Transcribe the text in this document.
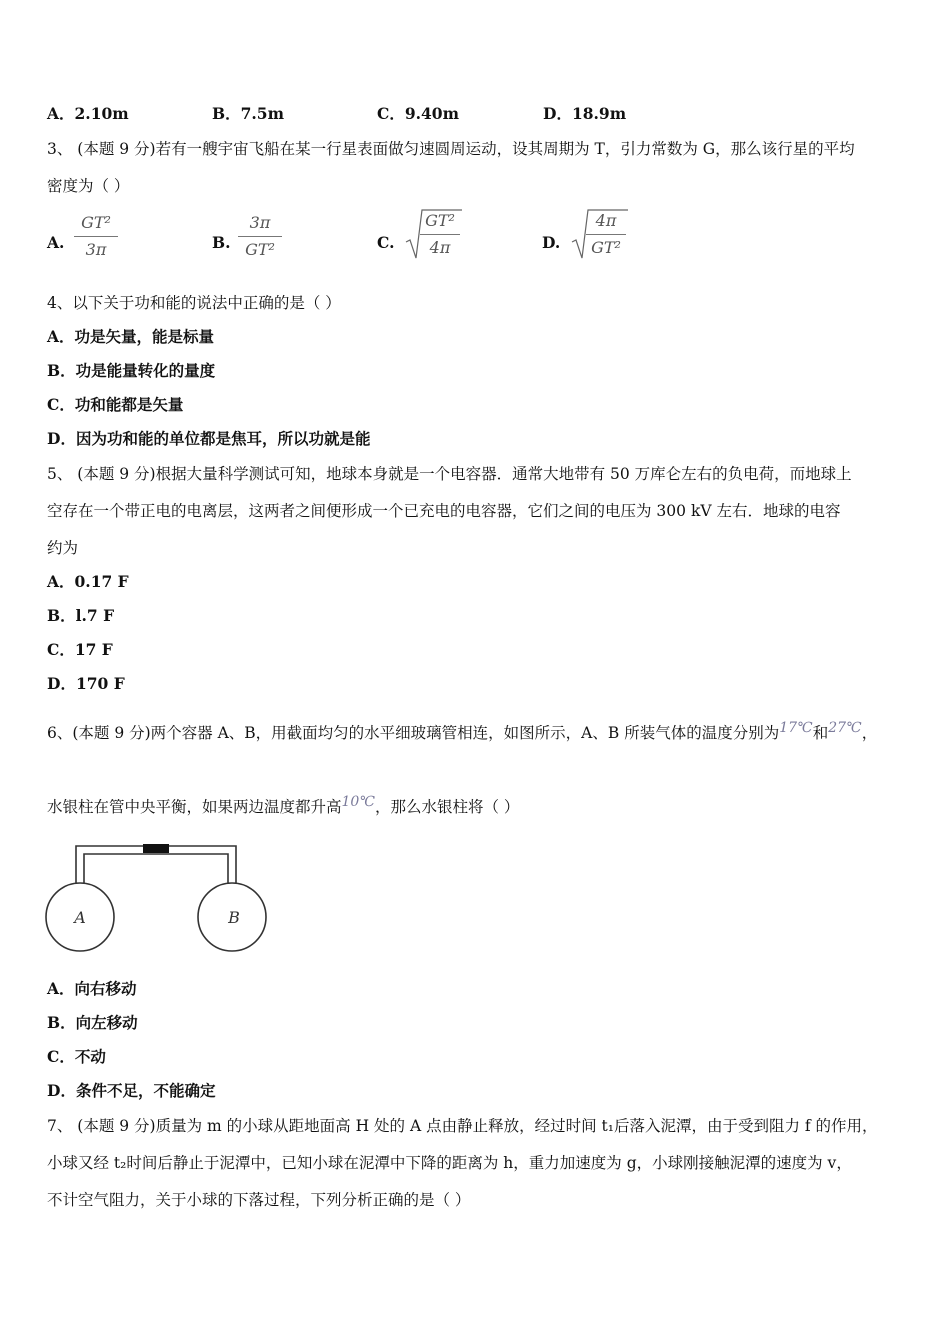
A．2.10m	B．7.5m	C．9.40m	D．18.9m
3、 (本题 9 分)若有一艘宇宙飞船在某一行星表面做匀速圆周运动，设其周期为 T，引力常数为 G，那么该行星的平均
密度为（ ）
A.
GT²
3π	B.
3π
GT²	C.
GT²
4π	D.
4π
GT²
4、以下关于功和能的说法中正确的是（ ）
A．功是矢量，能是标量
B．功是能量转化的量度
C．功和能都是矢量
D．因为功和能的单位都是焦耳，所以功就是能
5、 (本题 9 分)根据大量科学测试可知，地球本身就是一个电容器．通常大地带有 50 万库仑左右的负电荷，而地球上
空存在一个带正电的电离层，这两者之间便形成一个已充电的电容器，它们之间的电压为 300 kV 左右．地球的电容
约为
A．0.17 F
B．l.7 F
C．17 F
D．170 F
6、(本题 9 分)两个容器 A、B，用截面均匀的水平细玻璃管相连，如图所示，A、B 所装气体的温度分别为$^{17℃}$和$^{27℃}$，
水银柱在管中央平衡，如果两边温度都升高$^{10℃}$，那么水银柱将（ ）
A	B
A．向右移动
B．向左移动
C．不动
D．条件不足，不能确定
7、 (本题 9 分)质量为 m 的小球从距地面高 H 处的 A 点由静止释放，经过时间 t₁后落入泥潭，由于受到阻力 f 的作用，
小球又经 t₂时间后静止于泥潭中，已知小球在泥潭中下降的距离为 h，重力加速度为 g，小球刚接触泥潭的速度为 v，
不计空气阻力，关于小球的下落过程，下列分析正确的是（ ）
